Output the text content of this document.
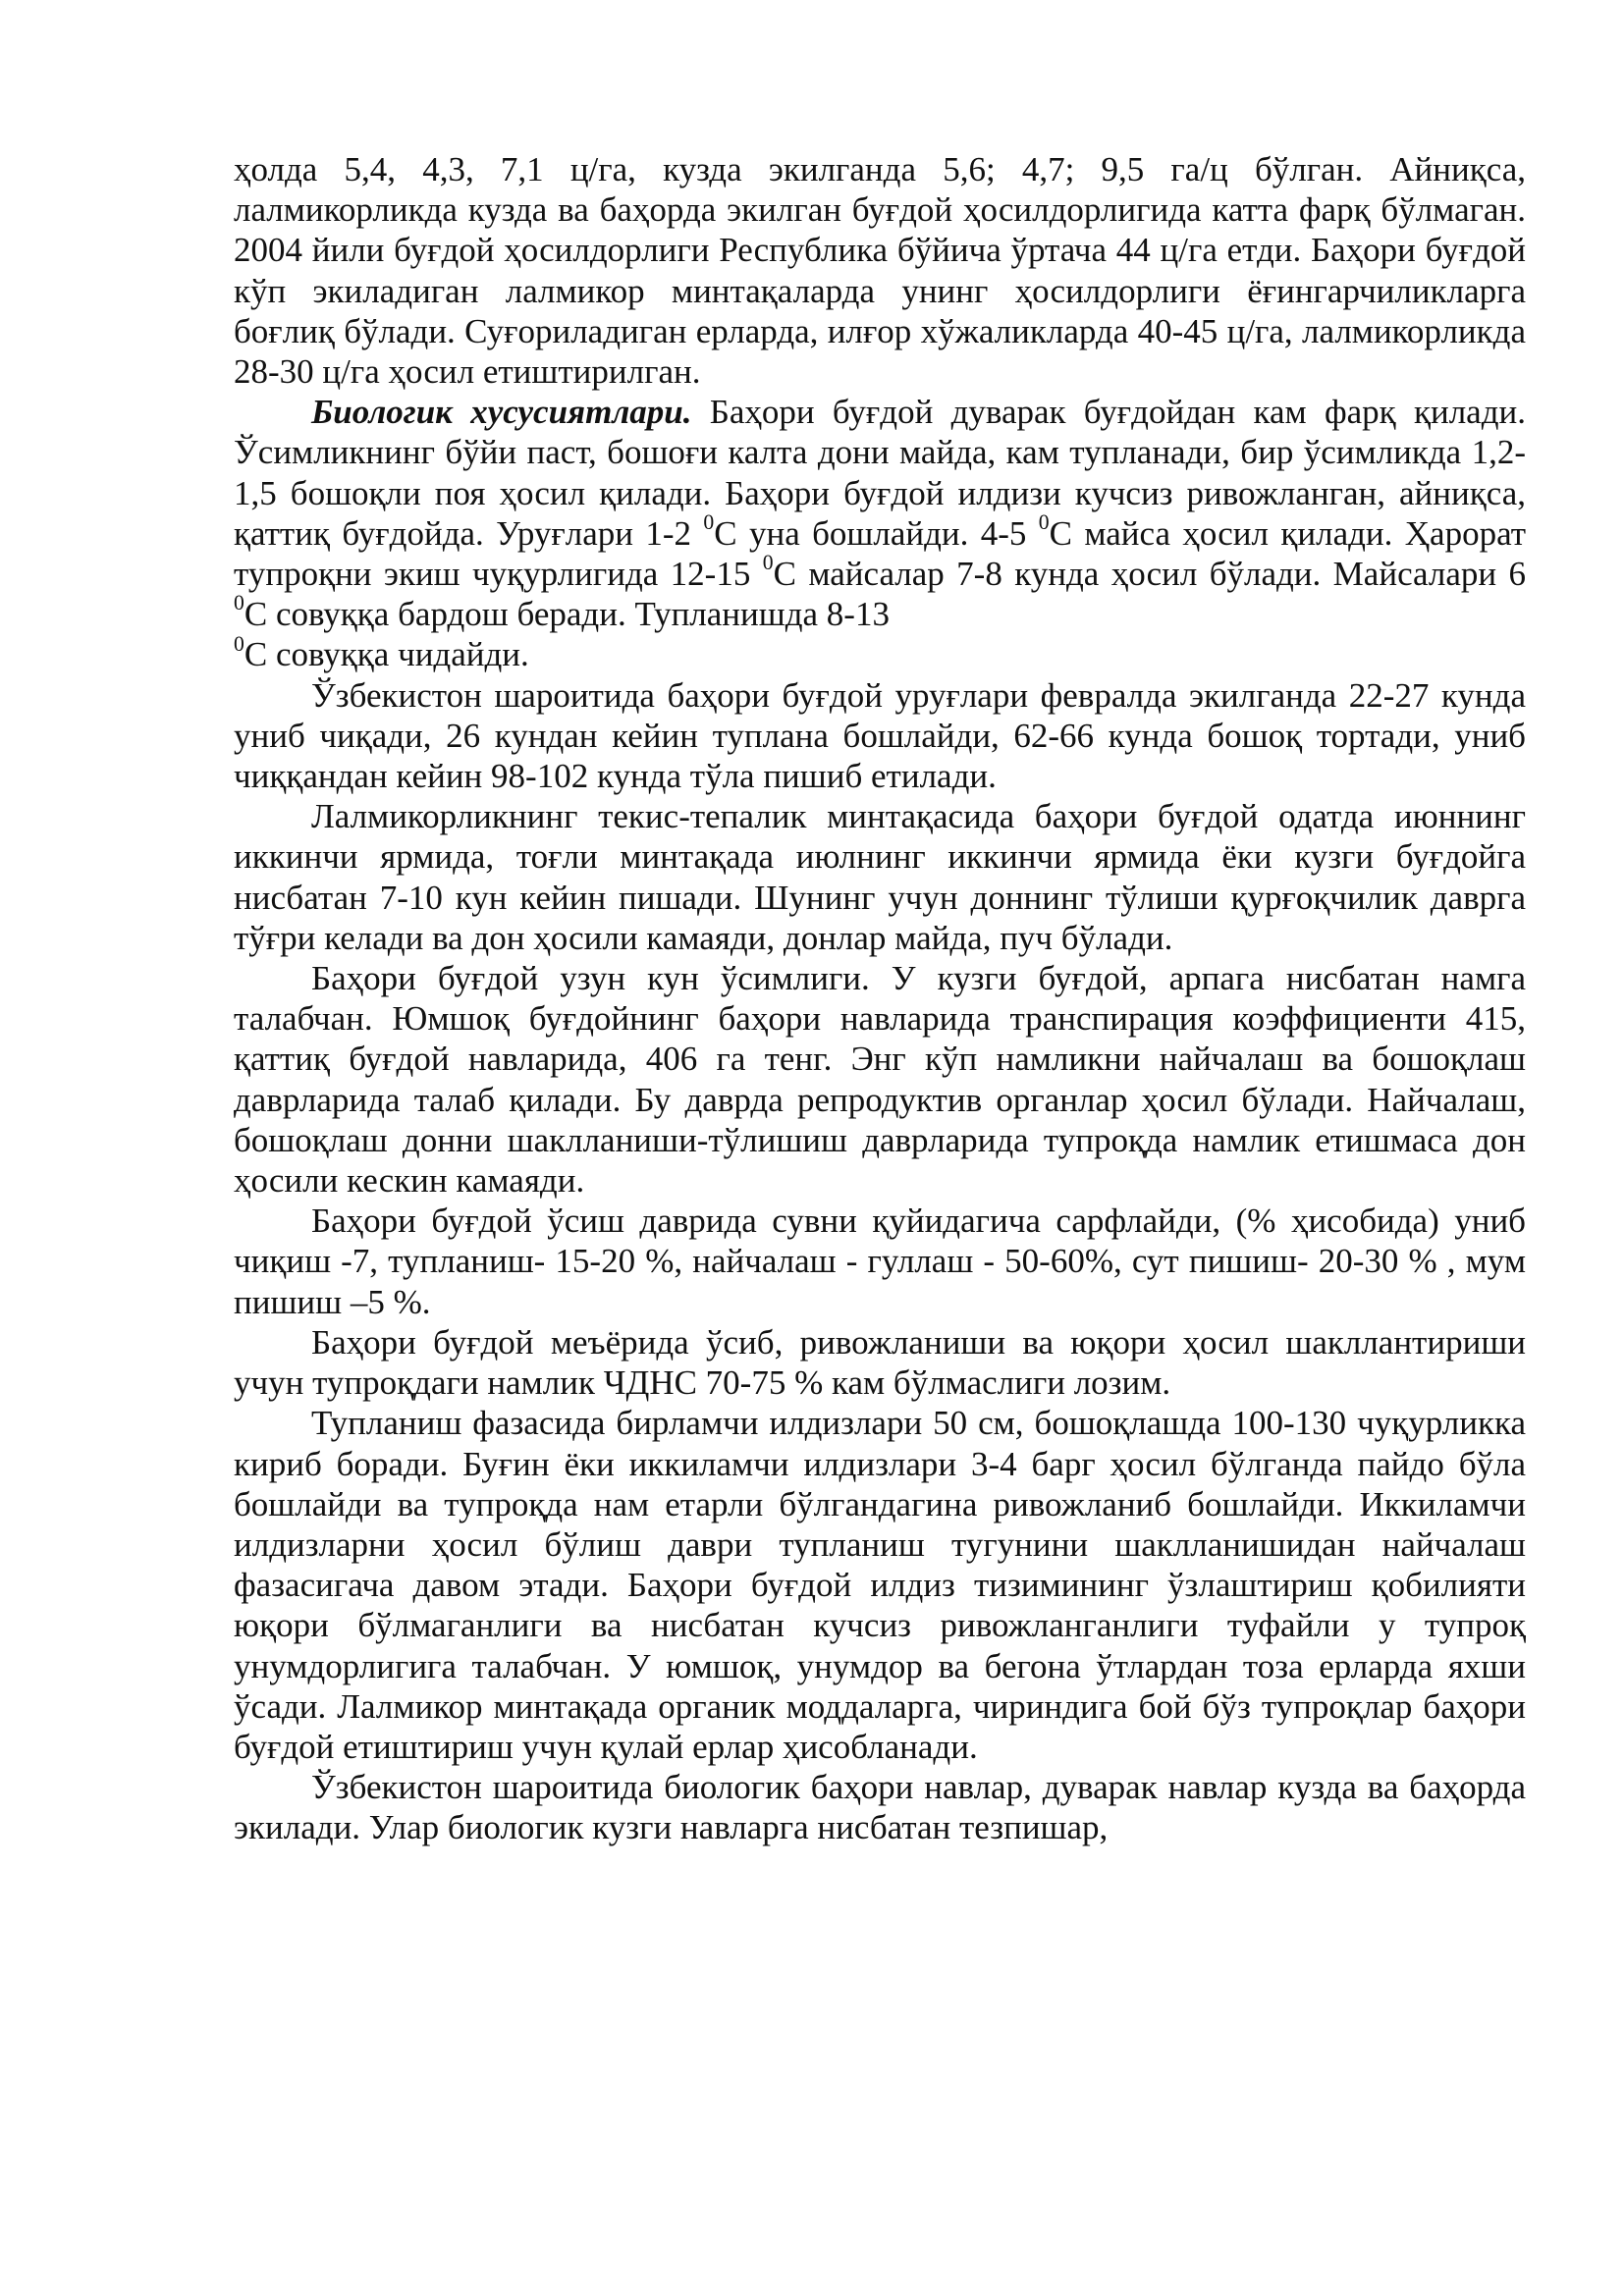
ҳолда 5,4, 4,3, 7,1 ц/га, кузда экилганда 5,6; 4,7; 9,5 га/ц бўлган. Айниқса, лалмикорликда кузда ва баҳорда экилган буғдой ҳосилдорлигида катта фарқ бўлмаган. 2004 йили буғдой ҳосилдорлиги Республика бўйича ўртача 44 ц/га етди. Баҳори буғдой кўп экиладиган лалмикор минтақаларда унинг ҳосилдорлиги ёғингарчиликларга боғлиқ бўлади. Суғориладиган ерларда, илғор хўжаликларда 40-45 ц/га, лалмикорликда 28-30 ц/га ҳосил етиштирилган.

Биологик хусусиятлари. Баҳори буғдой дуварак буғдойдан кам фарқ қилади. Ўсимликнинг бўйи паст, бошоғи калта дони майда, кам тупланади, бир ўсимликда 1,2-1,5 бошоқли поя ҳосил қилади. Баҳори буғдой илдизи кучсиз ривожланган, айниқса, қаттиқ буғдойда. Уруғлари 1-2 $^0$С уна бошлайди. 4-5 $^0$С майса ҳосил қилади. Ҳарорат тупроқни экиш чуқурлигида 12-15 $^0$С майсалар 7-8 кунда ҳосил бўлади. Майсалари 6 $^0$С совуққа бардош беради. Тупланишда 8-13
$^0$С совуққа чидайди.

Ўзбекистон шароитида баҳори буғдой уруғлари февралда экилганда 22-27 кунда униб чиқади, 26 кундан кейин туплана бошлайди, 62-66 кунда бошоқ тортади, униб чиққандан кейин 98-102 кунда тўла пишиб етилади.

Лалмикорликнинг текис-тепалик минтақасида баҳори буғдой одатда июннинг иккинчи ярмида, тоғли минтақада июлнинг иккинчи ярмида ёки кузги буғдойга нисбатан 7-10 кун кейин пишади. Шунинг учун доннинг тўлиши қурғоқчилик даврга тўғри келади ва дон ҳосили камаяди, донлар майда, пуч бўлади.

Баҳори буғдой узун кун ўсимлиги. У кузги буғдой, арпага нисбатан намга талабчан. Юмшоқ буғдойнинг баҳори навларида транспирация коэффициенти 415, қаттиқ буғдой навларида, 406 га тенг. Энг кўп намликни найчалаш ва бошоқлаш даврларида талаб қилади. Бу даврда репродуктив органлар ҳосил бўлади. Найчалаш, бошоқлаш донни шаклланиши-тўлишиш даврларида тупроқда намлик етишмаса дон ҳосили кескин камаяди.

Баҳори буғдой ўсиш даврида сувни қуйидагича сарфлайди, (% ҳисобида) униб чиқиш -7, тупланиш- 15-20 %, найчалаш - гуллаш - 50-60%, сут пишиш- 20-30 % , мум пишиш –5 %.

Баҳори буғдой меъёрида ўсиб, ривожланиши ва юқори ҳосил шакллантириши учун тупроқдаги намлик ЧДНС 70-75 % кам бўлмаслиги лозим.

Тупланиш фазасида бирламчи илдизлари 50 см, бошоқлашда 100-130 чуқурликка кириб боради. Буғин ёки иккиламчи илдизлари 3-4 барг ҳосил бўлганда пайдо бўла бошлайди ва тупроқда нам етарли бўлгандагина ривожланиб бошлайди. Иккиламчи илдизларни ҳосил бўлиш даври тупланиш тугунини шаклланишидан найчалаш фазасигача давом этади. Баҳори буғдой илдиз тизимининг ўзлаштириш қобилияти юқори бўлмаганлиги ва нисбатан кучсиз ривожланганлиги туфайли у тупроқ унумдорлигига талабчан. У юмшоқ, унумдор ва бегона ўтлардан тоза ерларда яхши ўсади. Лалмикор минтақада органик моддаларга, чириндига бой бўз тупроқлар баҳори буғдой етиштириш учун қулай ерлар ҳисобланади.

Ўзбекистон шароитида биологик баҳори навлар, дуварак навлар кузда ва баҳорда экилади. Улар биологик кузги навларга нисбатан тезпишар,
